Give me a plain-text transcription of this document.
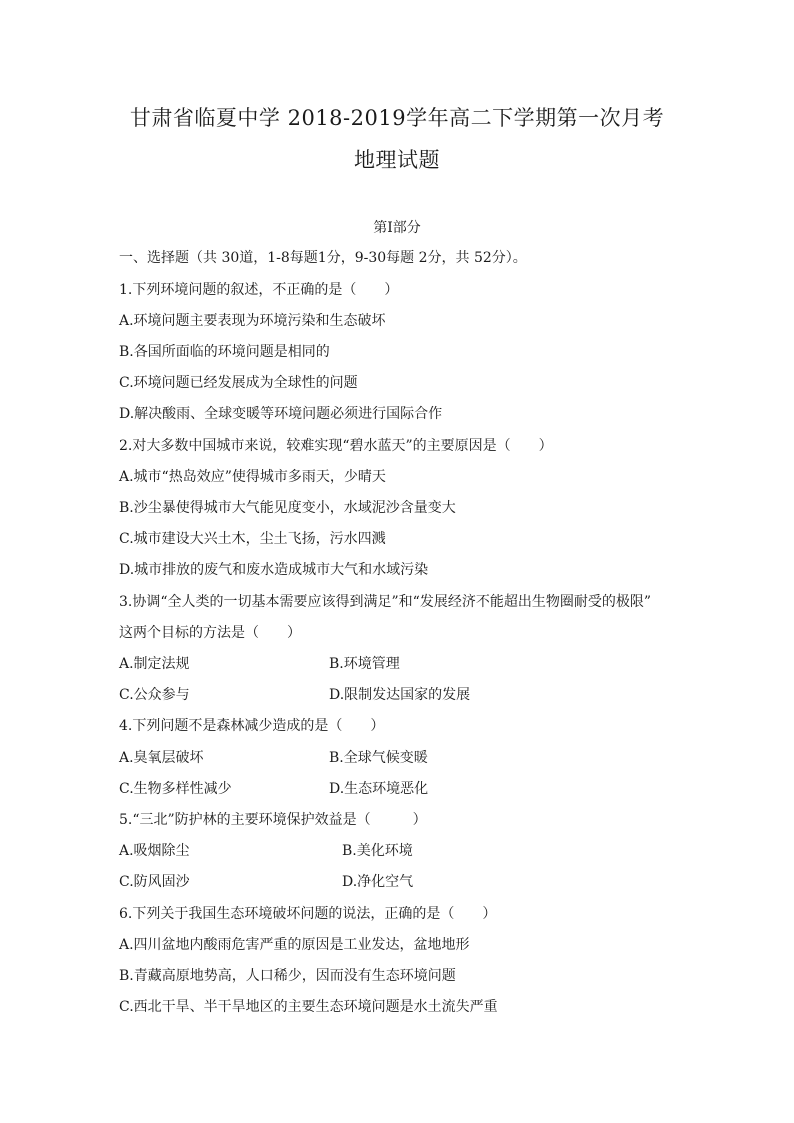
甘肃省临夏中学 2018-2019学年高二下学期第一次月考
地理试题
第Ⅰ部分
一、选择题（共 30道，1-8每题1分，9-30每题 2分，共 52分）。
1.下列环境问题的叙述，不正确的是（　　）
A.环境问题主要表现为环境污染和生态破坏
B.各国所面临的环境问题是相同的
C.环境问题已经发展成为全球性的问题
D.解决酸雨、全球变暖等环境问题必须进行国际合作
2.对大多数中国城市来说，较难实现“碧水蓝天”的主要原因是（　　）
A.城市“热岛效应”使得城市多雨天，少晴天
B.沙尘暴使得城市大气能见度变小，水域泥沙含量变大
C.城市建设大兴土木，尘土飞扬，污水四溅
D.城市排放的废气和废水造成城市大气和水域污染
3.协调“全人类的一切基本需要应该得到满足”和“发展经济不能超出生物圈耐受的极限”
这两个目标的方法是（　　）
A.制定法规	B.环境管理
C.公众参与	D.限制发达国家的发展
4.下列问题不是森林减少造成的是（　　）
A.臭氧层破坏	B.全球气候变暖
C.生物多样性减少	D.生态环境恶化
5.“三北”防护林的主要环境保护效益是（　　　）
A.吸烟除尘	B.美化环境
C.防风固沙	D.净化空气
6.下列关于我国生态环境破坏问题的说法，正确的是（　　）
A.四川盆地内酸雨危害严重的原因是工业发达，盆地地形
B.青藏高原地势高，人口稀少，因而没有生态环境问题
C.西北干旱、半干旱地区的主要生态环境问题是水土流失严重
